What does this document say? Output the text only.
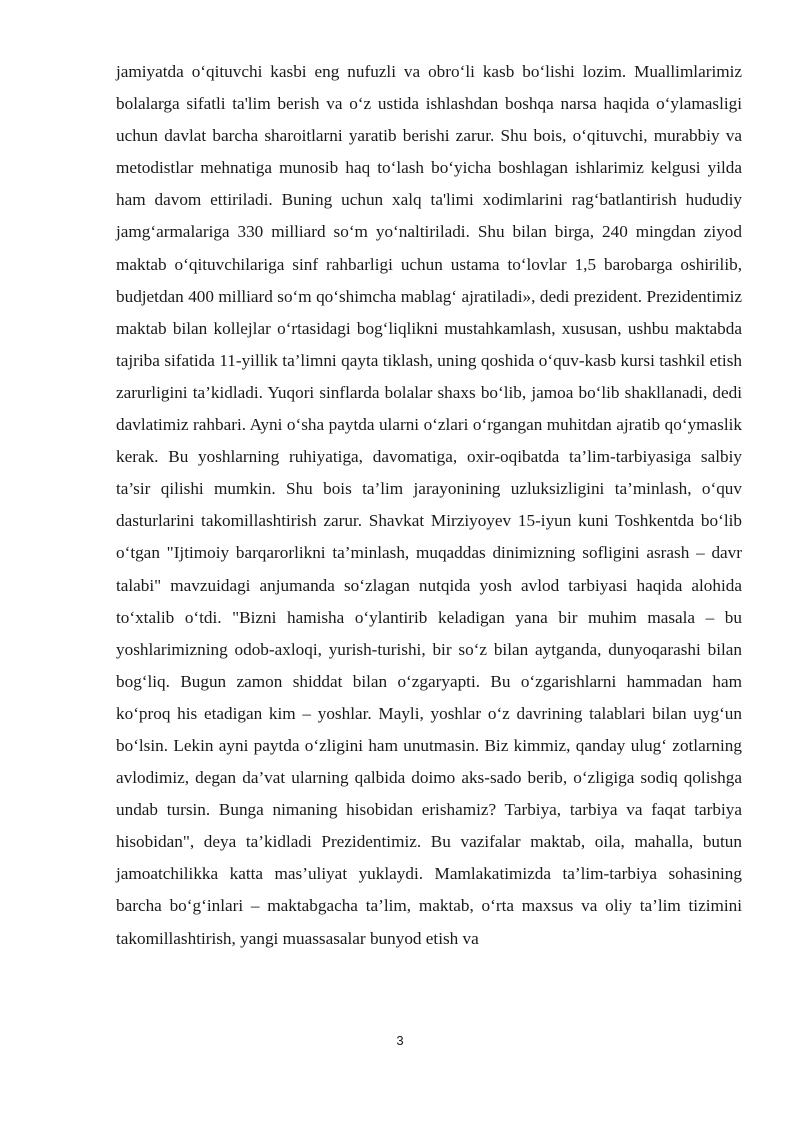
jamiyatda o‘qituvchi kasbi eng nufuzli va obro‘li kasb bo‘lishi lozim. Muallimlarimiz bolalarga sifatli ta'lim berish va o‘z ustida ishlashdan boshqa narsa haqida o‘ylamasligi uchun davlat barcha sharoitlarni yaratib berishi zarur. Shu bois, o‘qituvchi, murabbiy va metodistlar mehnatiga munosib haq to‘lash bo‘yicha boshlagan ishlarimiz kelgusi yilda ham davom ettiriladi. Buning uchun xalq ta'limi xodimlarini rag‘batlantirish hududiy jamg‘armalariga 330 milliard so‘m yo‘naltiriladi. Shu bilan birga, 240 mingdan ziyod maktab o‘qituvchilariga sinf rahbarligi uchun ustama to‘lovlar 1,5 barobarga oshirilib, budjetdan 400 milliard so‘m qo‘shimcha mablag‘ ajratiladi», dedi prezident. Prezidentimiz maktab bilan kollejlar o‘rtasidagi bog‘liqlikni mustahkamlash, xususan, ushbu maktabda tajriba sifatida 11-yillik ta’limni qayta tiklash, uning qoshida o‘quv-kasb kursi tashkil etish zarurligini ta’kidladi. Yuqori sinflarda bolalar shaxs bo‘lib, jamoa bo‘lib shakllanadi, dedi davlatimiz rahbari. Ayni o‘sha paytda ularni o‘zlari o‘rgangan muhitdan ajratib qo‘ymaslik kerak. Bu yoshlarning ruhiyatiga, davomatiga, oxir-oqibatda ta’lim-tarbiyasiga salbiy ta’sir qilishi mumkin. Shu bois ta’lim jarayonining uzluksizligini ta’minlash, o‘quv dasturlarini takomillashtirish zarur. Shavkat Mirziyoyev 15-iyun kuni Toshkentda bo‘lib o‘tgan "Ijtimoiy barqarorlikni ta’minlash, muqaddas dinimizning sofligini asrash – davr talabi" mavzuidagi anjumanda so‘zlagan nutqida yosh avlod tarbiyasi haqida alohida to‘xtalib o‘tdi. "Bizni hamisha o‘ylantirib keladigan yana bir muhim masala – bu yoshlarimizning odob-axloqi, yurish-turishi, bir so‘z bilan aytganda, dunyoqarashi bilan bog‘liq. Bugun zamon shiddat bilan o‘zgaryapti. Bu o‘zgarishlarni hammadan ham ko‘proq his etadigan kim – yoshlar. Mayli, yoshlar o‘z davrining talablari bilan uyg‘un bo‘lsin. Lekin ayni paytda o‘zligini ham unutmasin. Biz kimmiz, qanday ulug‘ zotlarning avlodimiz, degan da’vat ularning qalbida doimo aks-sado berib, o‘zligiga sodiq qolishga undab tursin. Bunga nimaning hisobidan erishamiz? Tarbiya, tarbiya va faqat tarbiya hisobidan", deya ta’kidladi Prezidentimiz. Bu vazifalar maktab, oila, mahalla, butun jamoatchilikka katta mas’uliyat yuklaydi. Mamlakatimizda ta’lim-tarbiya sohasining barcha bo‘g‘inlari – maktabgacha ta’lim, maktab, o‘rta maxsus va oliy ta’lim tizimini takomillashtirish, yangi muassasalar bunyod etish va

3
